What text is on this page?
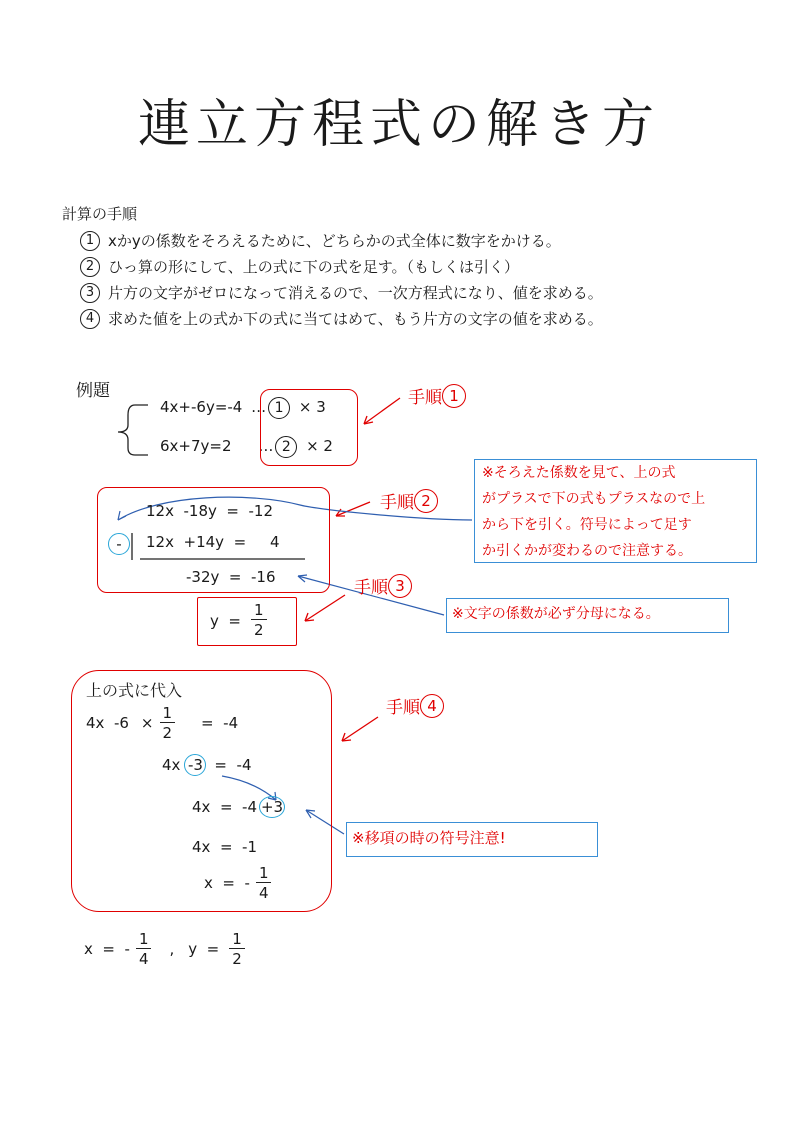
連立方程式の解き方
計算の手順
1 xかyの係数をそろえるために、どちらかの式全体に数字をかける。
2 ひっ算の形にして、上の式に下の式を足す。（もしくは引く）
3 片方の文字がゼロになって消えるので、一次方程式になり、値を求める。
4 求めた値を上の式か下の式に当てはめて、もう片方の文字の値を求める。
例題
4x+-6y=-4 … 1 × 3
6x+7y=2 … 2 × 2
手順 1
12x  -18y  =  -12
-	12x  +14y  =     4
-32y  =  -16
手順 2
手順 3
$y = \frac{1}{2}$
※そろえた係数を見て、上の式
がプラスで下の式もプラスなので上
から下を引く。符号によって足す
か引くかが変わるので注意する。
※文字の係数が必ず分母になる。
上の式に代入
4x  $-6 \times \frac{1}{2} = -4$
4x -3 =  -4
4x  =  -4 +3
4x  =  -1
x  =  - $\frac{1}{4}$
手順 4
※移項の時の符号注意!
x  =  - $\frac{1}{4}$ , $y = \frac{1}{2}$
